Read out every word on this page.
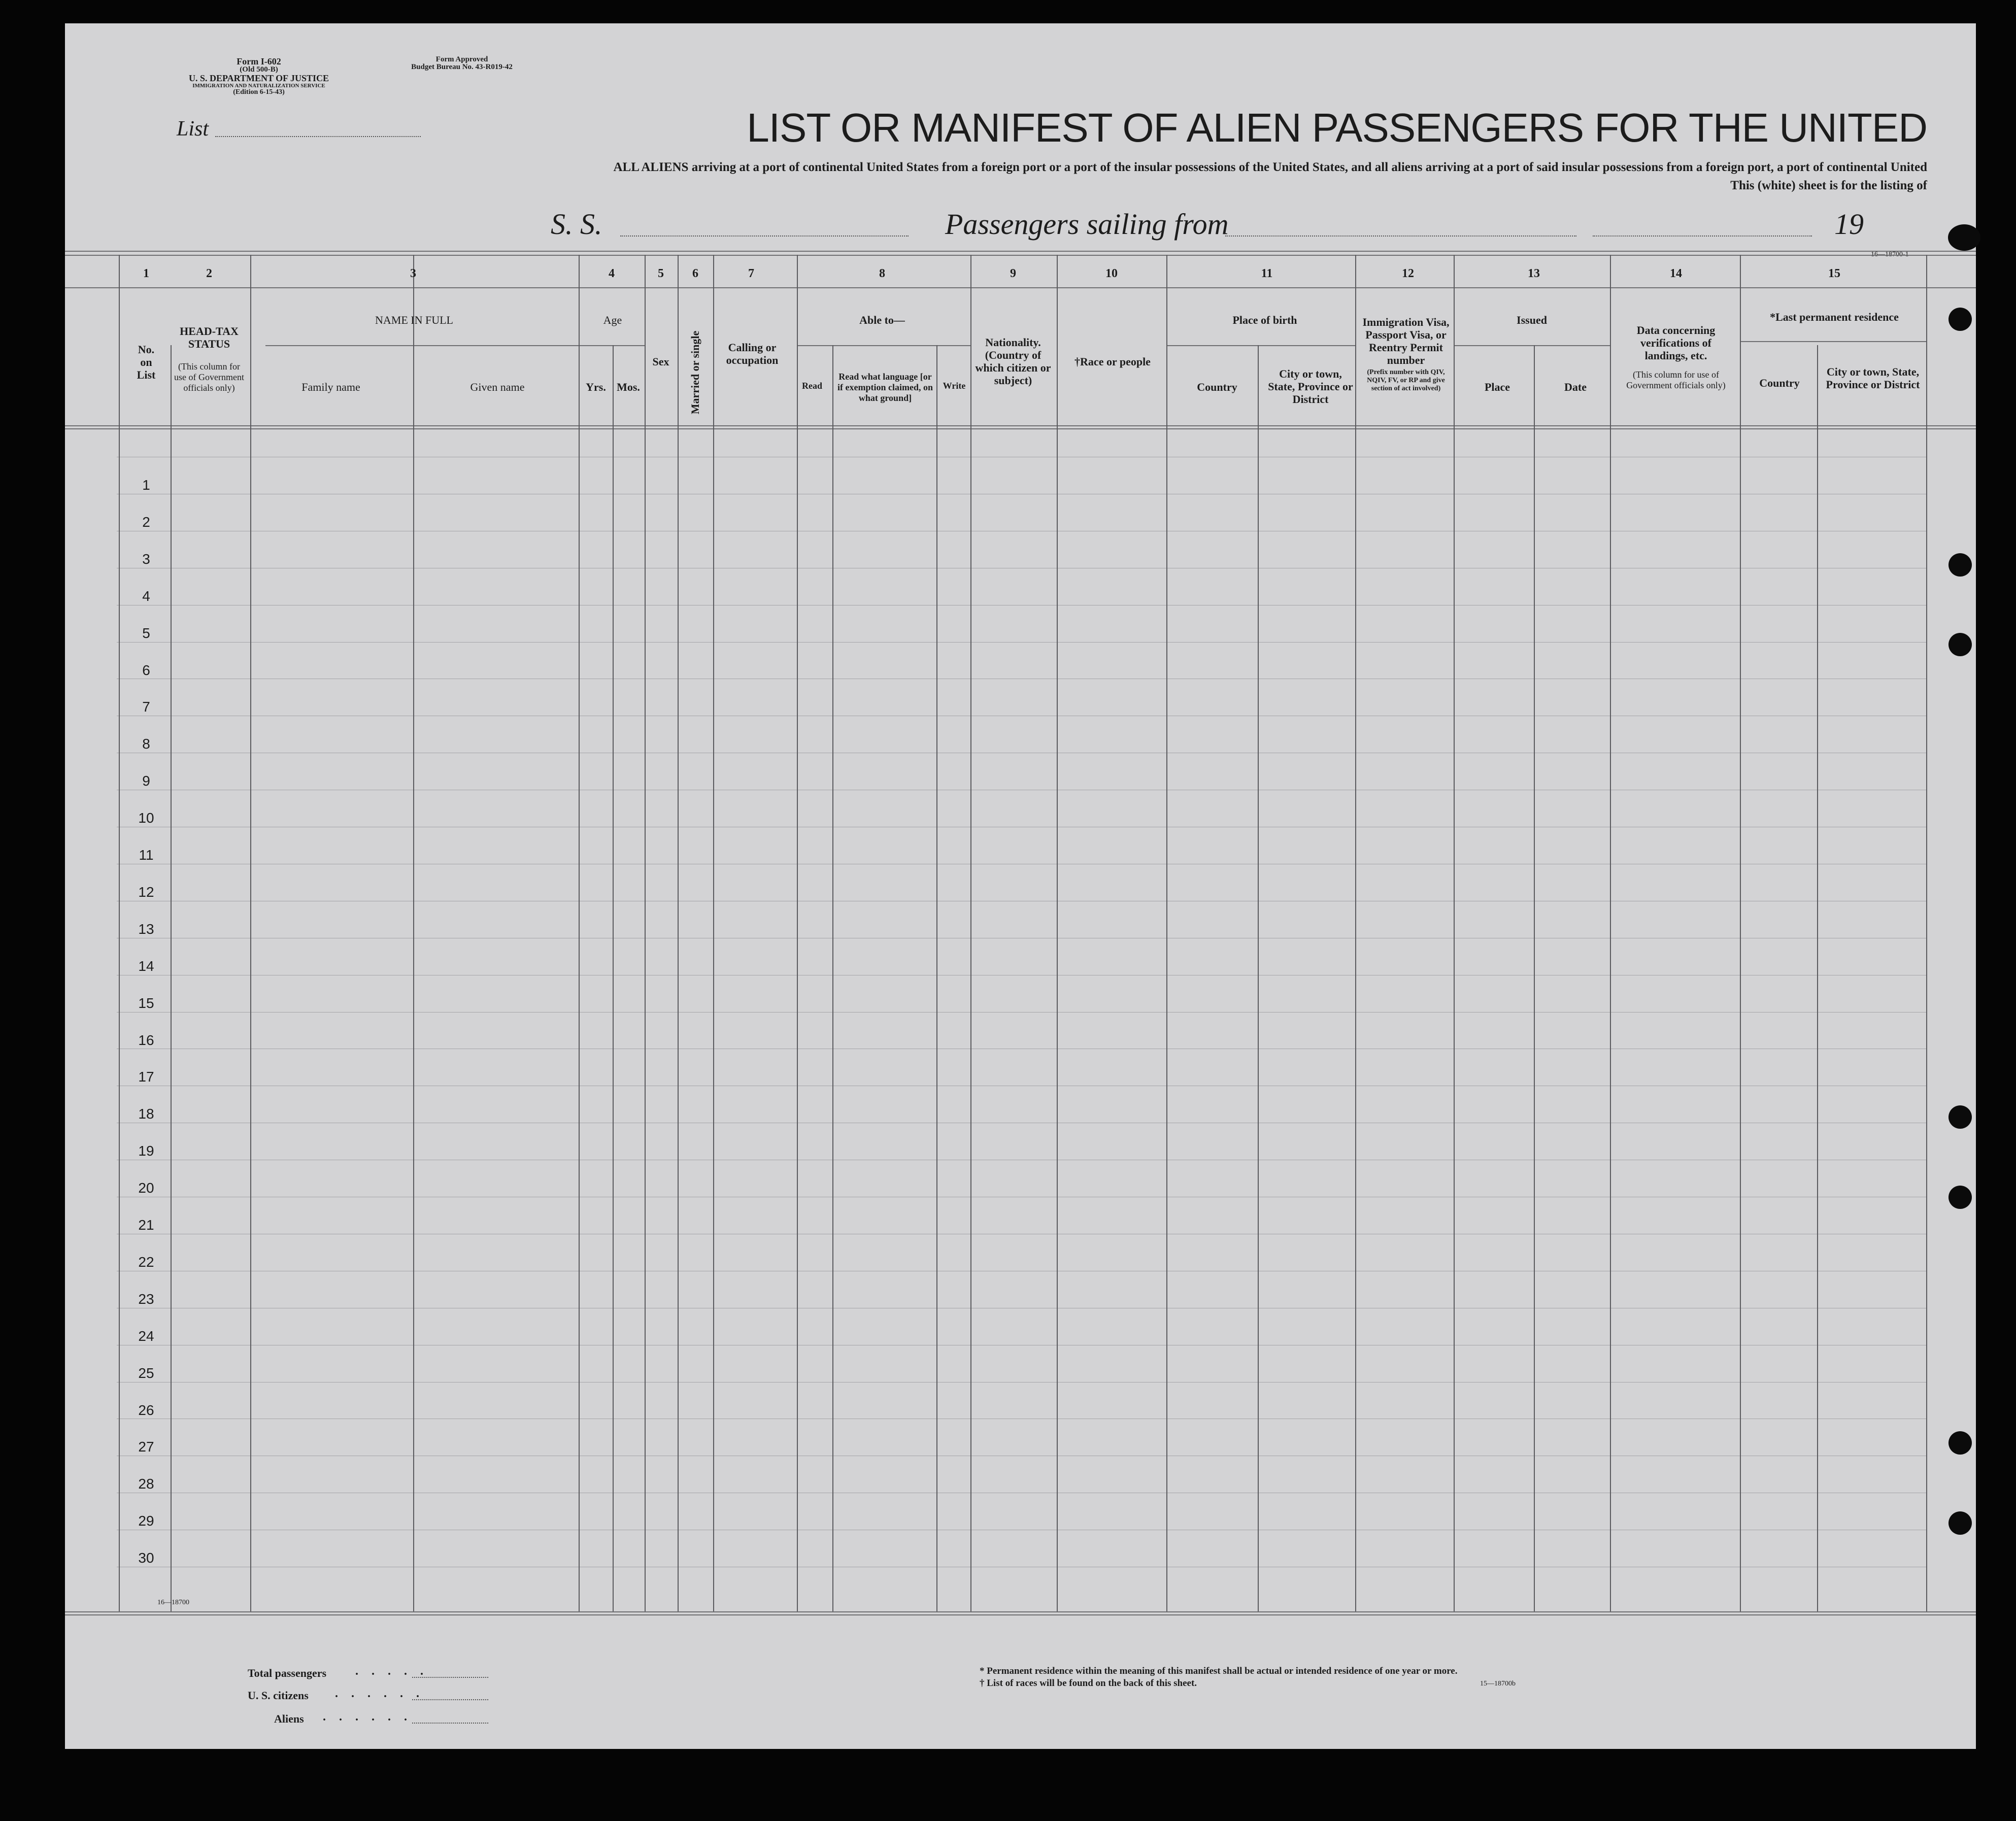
Form I-602
(Old 500-B)
U. S. DEPARTMENT OF JUSTICE
IMMIGRATION AND NATURALIZATION SERVICE
(Edition 6-15-43)
Form Approved
Budget Bureau No. 43-R019-42
List	LIST OR MANIFEST OF ALIEN PASSENGERS FOR THE UNITED
ALL ALIENS arriving at a port of continental United States from a foreign port or a port of the insular possessions of the United States, and all aliens arriving at a port of said insular possessions from a foreign port, a port of continental United
This (white) sheet is for the listing of
S. S.	Passengers sailing from	19
1	2	3	4	5 6	7	8	9	10	11	12	13	14	15
No. on List
HEAD-TAX STATUS
(This column for use of Government officials only)
NAME IN FULL
Family name	Given name
Age
Yrs. Mos.
Sex	Married or single	Calling or occupation
Able to—
Read
Read what language [or if exemption claimed, on what ground]
Write
Nationality. (Country of which citizen or subject)
†Race or people
Place of birth
Country
City or town, State, Province or District
Immigration Visa, Passport Visa, or Reentry Permit number
(Prefix number with QIV, NQIV, FV, or RP and give section of act involved)
Issued
Place	Date
Data concerning verifications of landings, etc.
(This column for use of Government officials only)
*Last permanent residence
Country
City or town, State, Province or District
1
2
3
4
5
6
7
8
9
10
11
12
13
14
15
16
17
18
19
20
21
22
23
24
25
26
27
28
29
30
16—18700
Total passengers . . . . .
U. S. citizens . . . . . .
Aliens . . . . . .
* Permanent residence within the meaning of this manifest shall be actual or intended residence of one year or more.
† List of races will be found on the back of this sheet.	15—18700b
